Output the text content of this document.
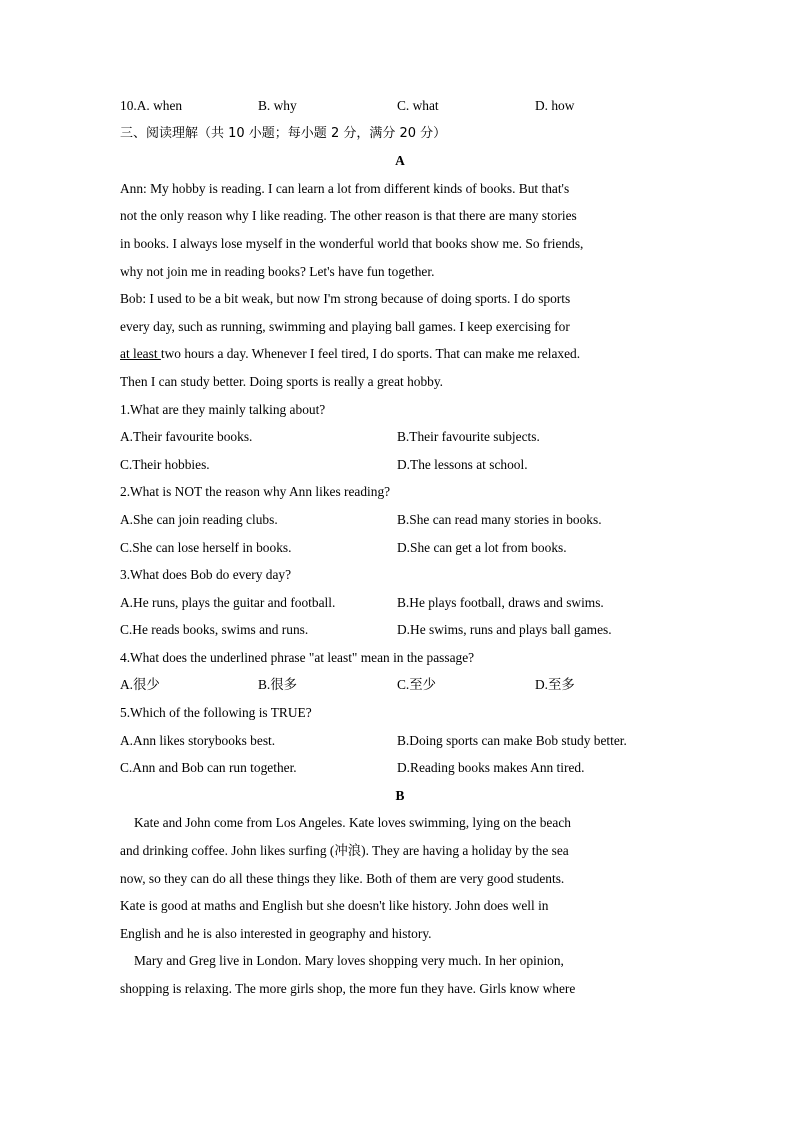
10.A. when	B. why	C. what	D. how
三、阅读理解（共 10 小题；每小题 2 分，满分 20 分）
A
Ann: My hobby is reading. I can learn a lot from different kinds of books. But that's
not the only reason why I like reading. The other reason is that there are many stories
in books. I always lose myself in the wonderful world that books show me. So friends,
why not join me in reading books? Let's have fun together.
Bob: I used to be a bit weak, but now I'm strong because of doing sports. I do sports
every day, such as running, swimming and playing ball games. I keep exercising for
at least two hours a day. Whenever I feel tired, I do sports. That can make me relaxed.
Then I can study better. Doing sports is really a great hobby.
1.What are they mainly talking about?
A.Their favourite books.	B.Their favourite subjects.
C.Their hobbies.	D.The lessons at school.
2.What is NOT the reason why Ann likes reading?
A.She can join reading clubs.	B.She can read many stories in books.
C.She can lose herself in books.	D.She can get a lot from books.
3.What does Bob do every day?
A.He runs, plays the guitar and football.	B.He plays football, draws and swims.
C.He reads books, swims and runs.	D.He swims, runs and plays ball games.
4.What does the underlined phrase "at least" mean in the passage?
A.很少	B.很多	C.至少	D.至多
5.Which of the following is TRUE?
A.Ann likes storybooks best.	B.Doing sports can make Bob study better.
C.Ann and Bob can run together.	D.Reading books makes Ann tired.
B
Kate and John come from Los Angeles. Kate loves swimming, lying on the beach
and drinking coffee. John likes surfing (冲浪). They are having a holiday by the sea
now, so they can do all these things they like. Both of them are very good students.
Kate is good at maths and English but she doesn't like history. John does well in
English and he is also interested in geography and history.
Mary and Greg live in London. Mary loves shopping very much. In her opinion,
shopping is relaxing. The more girls shop, the more fun they have. Girls know where
